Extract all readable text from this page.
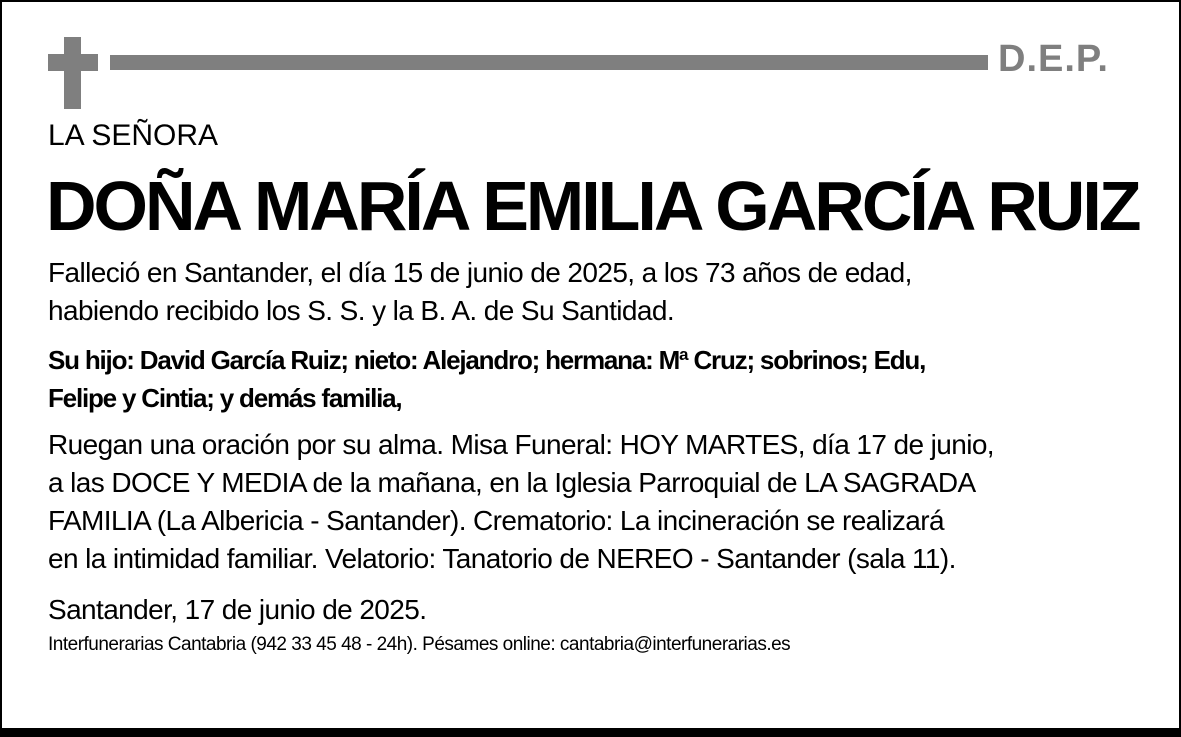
D.E.P.
LA SEÑORA
DOÑA MARÍA EMILIA GARCÍA RUIZ
Falleció en Santander, el día 15 de junio de 2025, a los 73 años de edad,
habiendo recibido los S. S. y la B. A. de Su Santidad.
Su hijo: David García Ruiz; nieto: Alejandro; hermana: Mª Cruz; sobrinos; Edu,
Felipe y Cintia; y demás familia,
Ruegan una oración por su alma. Misa Funeral: HOY MARTES, día 17 de junio,
a las DOCE Y MEDIA de la mañana, en la Iglesia Parroquial de LA SAGRADA
FAMILIA (La Albericia - Santander). Crematorio: La incineración se realizará
en la intimidad familiar. Velatorio: Tanatorio de NEREO - Santander (sala 11).
Santander, 17 de junio de 2025.
Interfunerarias Cantabria (942 33 45 48 - 24h). Pésames online: cantabria@interfunerarias.es
